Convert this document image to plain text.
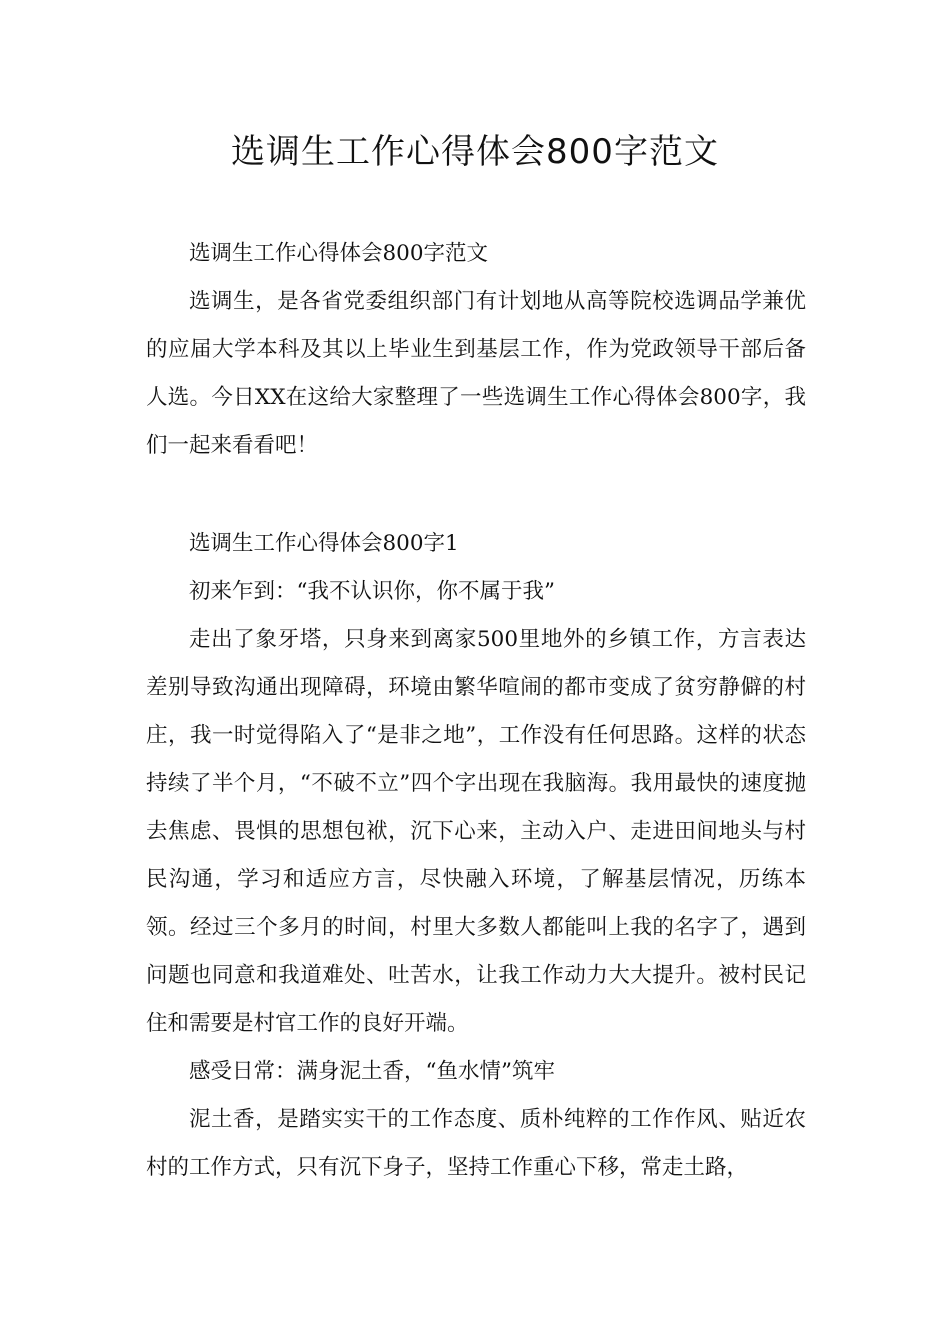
选调生工作心得体会800字范文

选调生工作心得体会800字范文

选调生，是各省党委组织部门有计划地从高等院校选调品学兼优的应届大学本科及其以上毕业生到基层工作，作为党政领导干部后备人选。今日XX在这给大家整理了一些选调生工作心得体会800字，我们一起来看看吧！

选调生工作心得体会800字1

初来乍到：“我不认识你，你不属于我”

走出了象牙塔，只身来到离家500里地外的乡镇工作，方言表达差别导致沟通出现障碍，环境由繁华喧闹的都市变成了贫穷静僻的村庄，我一时觉得陷入了“是非之地”，工作没有任何思路。这样的状态持续了半个月，“不破不立”四个字出现在我脑海。我用最快的速度抛去焦虑、畏惧的思想包袱，沉下心来，主动入户、走进田间地头与村民沟通，学习和适应方言，尽快融入环境，了解基层情况，历练本领。经过三个多月的时间，村里大多数人都能叫上我的名字了，遇到问题也同意和我道难处、吐苦水，让我工作动力大大提升。被村民记住和需要是村官工作的良好开端。

感受日常：满身泥土香，“鱼水情”筑牢

泥土香，是踏实实干的工作态度、质朴纯粹的工作作风、贴近农村的工作方式，只有沉下身子，坚持工作重心下移，常走土路，
